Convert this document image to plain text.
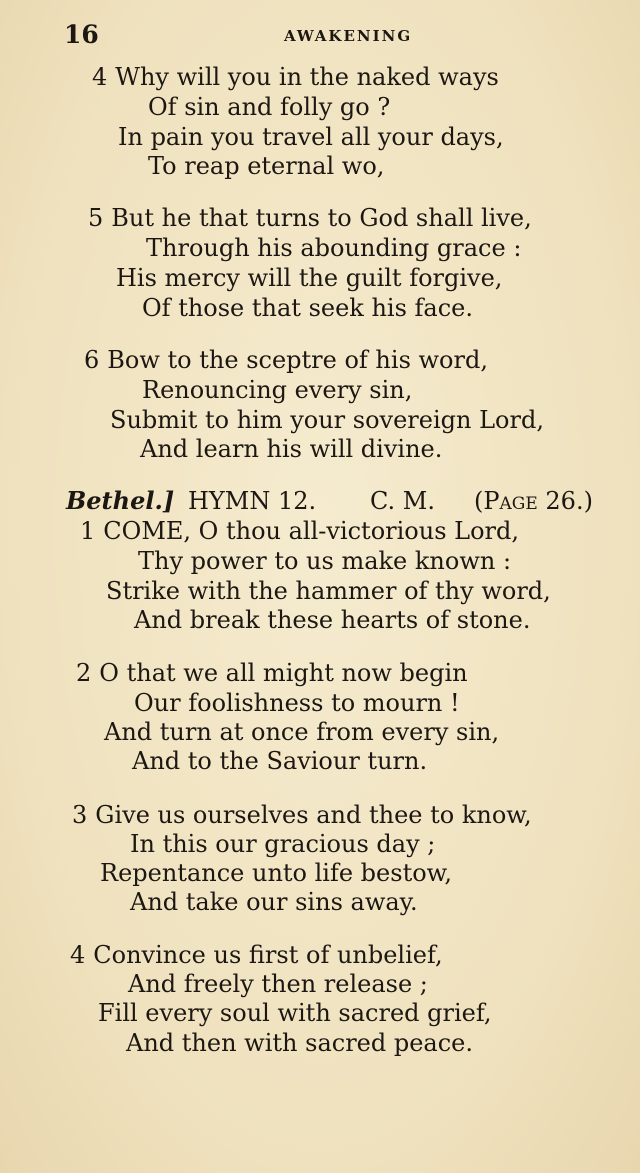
16	AWAKENING
4 Why will you in the naked ways
Of sin and folly go ?
In pain you travel all your days,
To reap eternal wo,
5 But he that turns to God shall live,
Through his abounding grace :
His mercy will the guilt forgive,
Of those that seek his face.
6 Bow to the sceptre of his word,
Renouncing every sin,
Submit to him your sovereign Lord,
And learn his will divine.
Bethel.] HYMN 12. C. M. (Page 26.)
1 COME, O thou all-victorious Lord,
Thy power to us make known :
Strike with the hammer of thy word,
And break these hearts of stone.
2 O that we all might now begin
Our foolishness to mourn !
And turn at once from every sin,
And to the Saviour turn.
3 Give us ourselves and thee to know,
In this our gracious day ;
Repentance unto life bestow,
And take our sins away.
4 Convince us first of unbelief,
And freely then release ;
Fill every soul with sacred grief,
And then with sacred peace.
